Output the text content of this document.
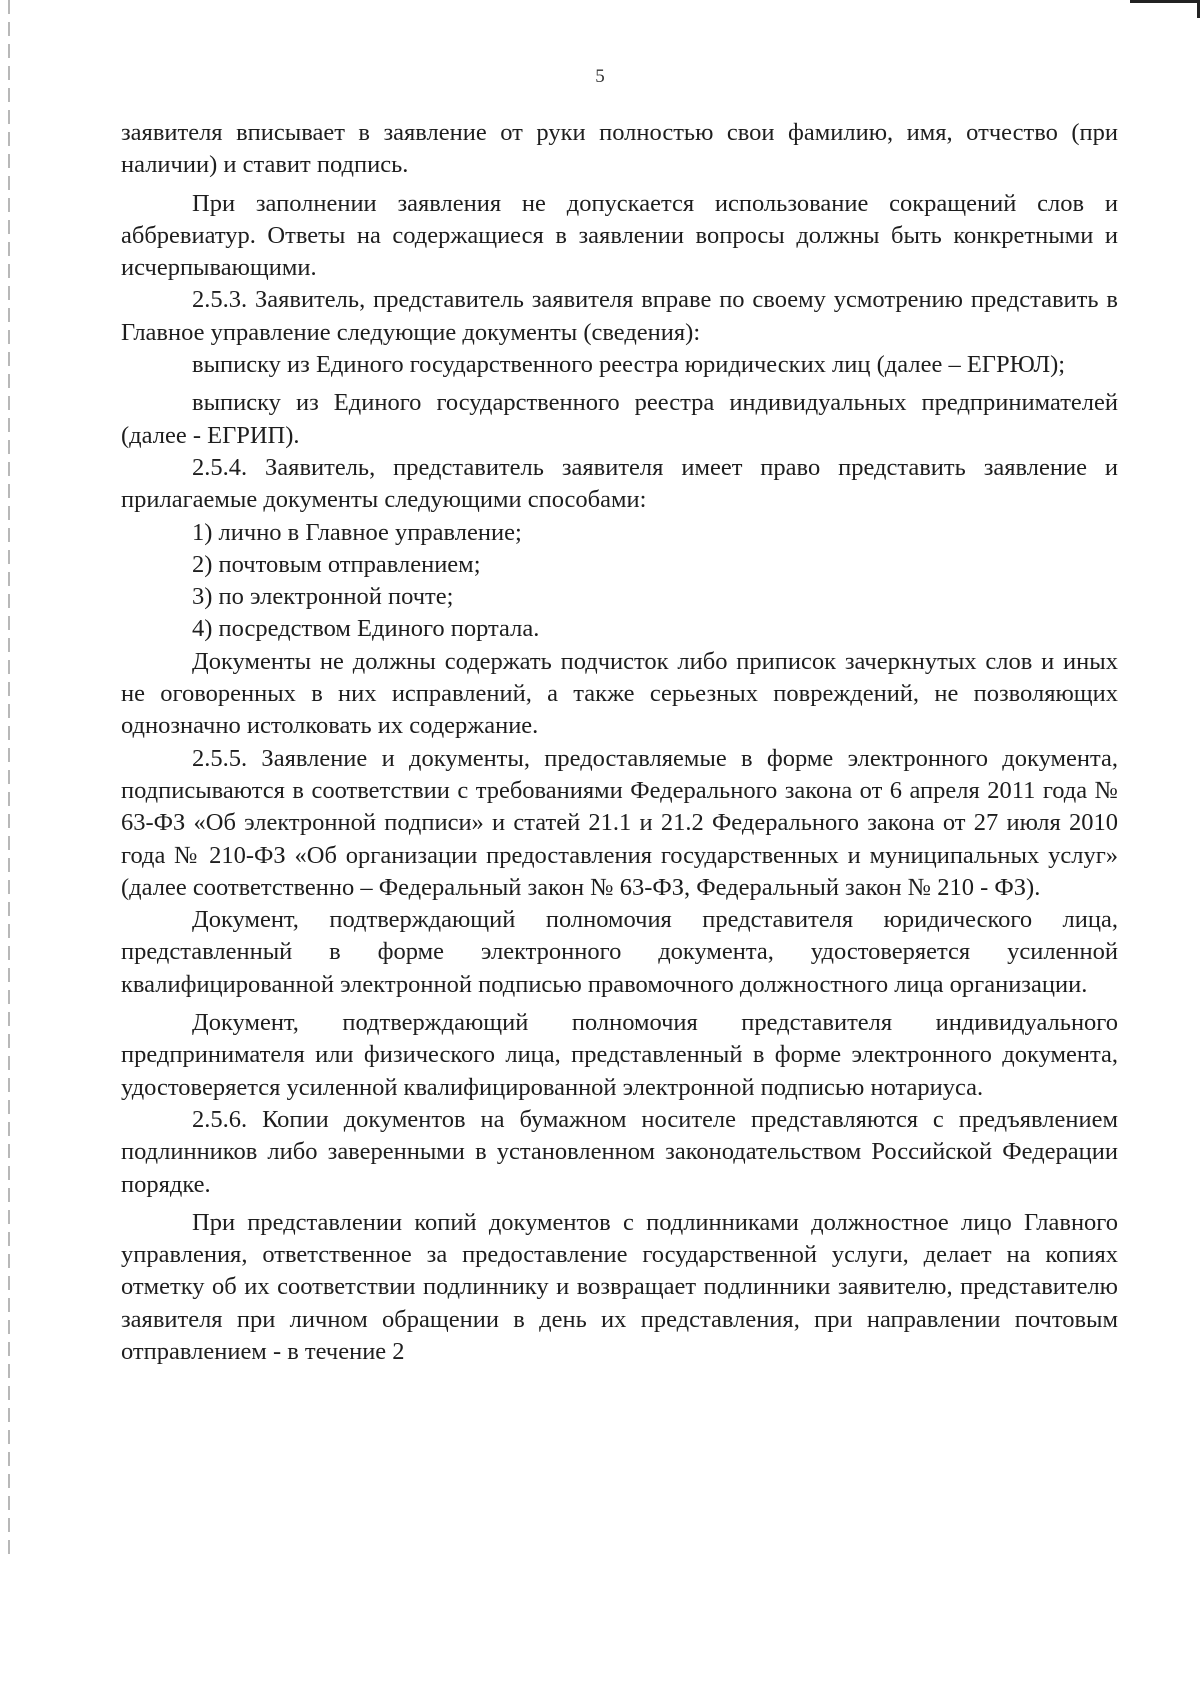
5

заявителя вписывает в заявление от руки полностью свои фамилию, имя, отчество (при наличии) и ставит подпись.

При заполнении заявления не допускается использование сокращений слов и аббревиатур. Ответы на содержащиеся в заявлении вопросы должны быть конкретными и исчерпывающими.

2.5.3. Заявитель, представитель заявителя вправе по своему усмотрению представить в Главное управление следующие документы (сведения):

выписку из Единого государственного реестра юридических лиц (далее – ЕГРЮЛ);

выписку из Единого государственного реестра индивидуальных предпринимателей (далее - ЕГРИП).

2.5.4. Заявитель, представитель заявителя имеет право представить заявление и прилагаемые документы следующими способами:

1) лично в Главное управление;

2) почтовым отправлением;

3) по электронной почте;

4) посредством Единого портала.

Документы не должны содержать подчисток либо приписок зачеркнутых слов и иных не оговоренных в них исправлений, а также серьезных повреждений, не позволяющих однозначно истолковать их содержание.

2.5.5. Заявление и документы, предоставляемые в форме электронного документа, подписываются в соответствии с требованиями Федерального закона от 6 апреля 2011 года № 63-ФЗ «Об электронной подписи» и статей 21.1 и 21.2 Федерального закона от 27 июля 2010 года № 210-ФЗ «Об организации предоставления государственных и муниципальных услуг» (далее соответственно – Федеральный закон № 63-ФЗ, Федеральный закон № 210 - ФЗ).

Документ, подтверждающий полномочия представителя юридического лица, представленный в форме электронного документа, удостоверяется усиленной квалифицированной электронной подписью правомочного должностного лица организации.

Документ, подтверждающий полномочия представителя индивидуального предпринимателя или физического лица, представленный в форме электронного документа, удостоверяется усиленной квалифицированной электронной подписью нотариуса.

2.5.6. Копии документов на бумажном носителе представляются с предъявлением подлинников либо заверенными в установленном законодательством Российской Федерации порядке.

При представлении копий документов с подлинниками должностное лицо Главного управления, ответственное за предоставление государственной услуги, делает на копиях отметку об их соответствии подлиннику и возвращает подлинники заявителю, представителю заявителя при личном обращении в день их представления, при направлении почтовым отправлением - в течение 2
